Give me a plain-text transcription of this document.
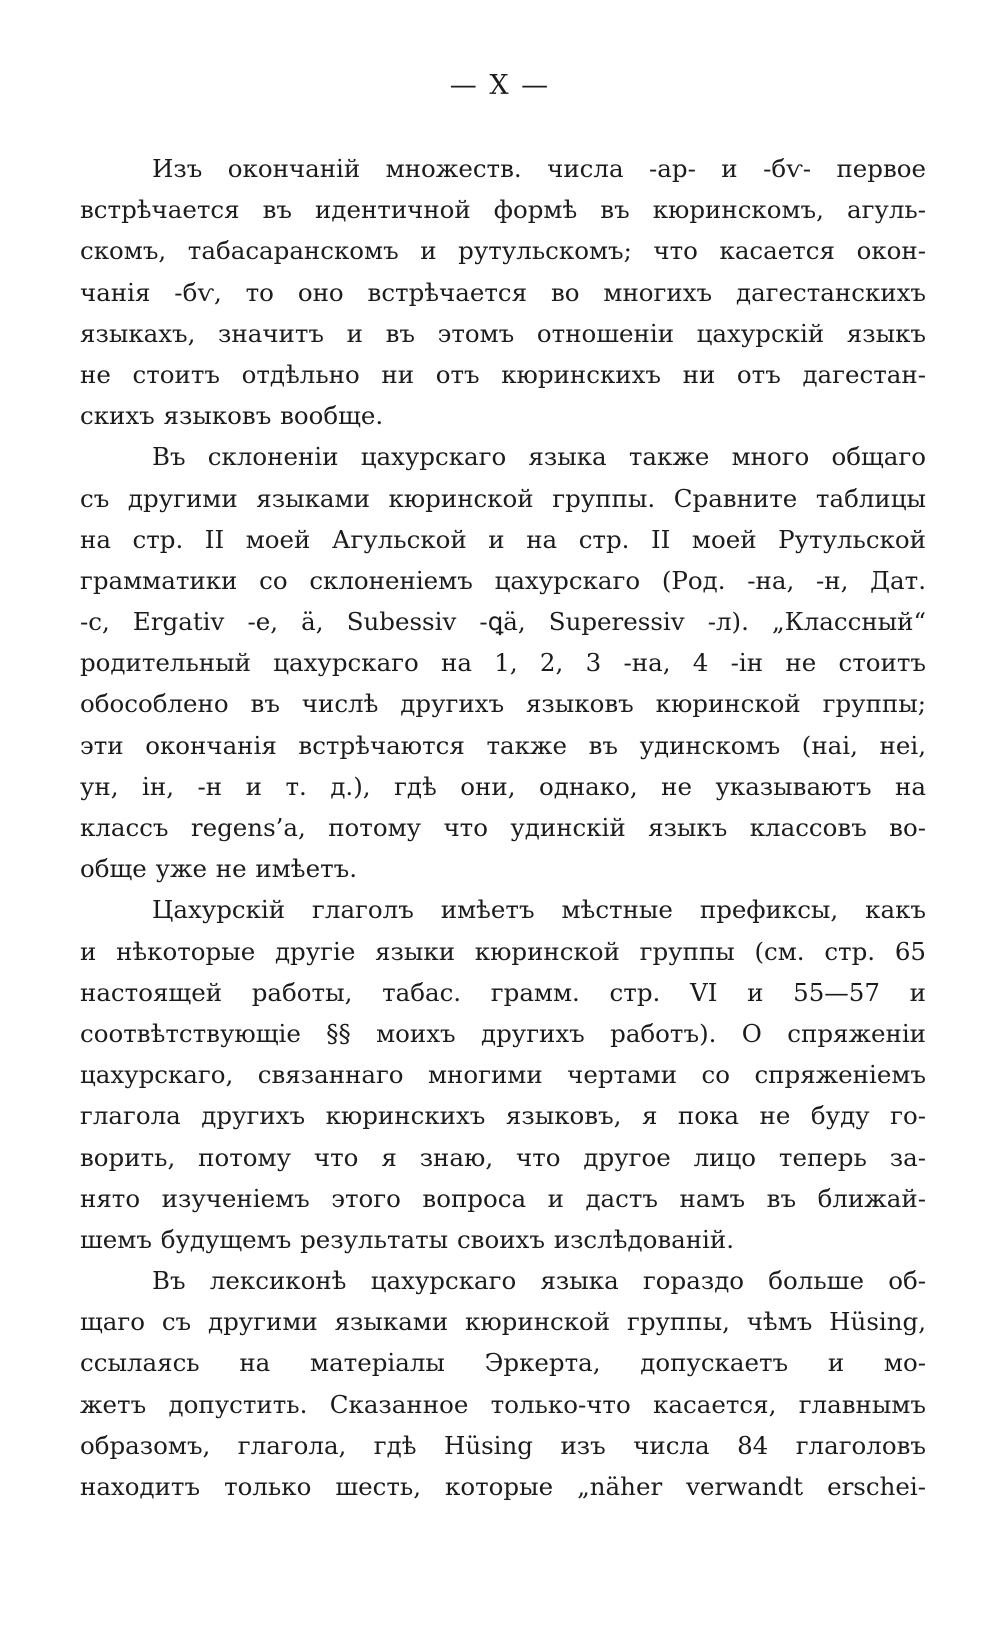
— X —
Изъ окончаній множеств. числа -ар- и -бѵ- первое
встрѣчается въ идентичной формѣ въ кюринскомъ, агуль-
скомъ, табасаранскомъ и рутульскомъ; что касается окон-
чанія -бѵ, то оно встрѣчается во многихъ дагестанскихъ
языкахъ, значитъ и въ этомъ отношеніи цахурскій языкъ
не стоитъ отдѣльно ни отъ кюринскихъ ни отъ дагестан-
скихъ языковъ вообще.
Въ склоненіи цахурскаго языка также много общаго
съ другими языками кюринской группы. Сравните таблицы
на стр. II моей Агульской и на стр. II моей Рутульской
грамматики со склоненіемъ цахурскаго (Род. -на, -н, Дат.
-с, Ergativ -е, ä, Subessiv -ꝗä, Superessiv -л). „Классный“
родительный цахурскаго на 1, 2, 3 -на, 4 -ін не стоитъ
обособлено въ числѣ другихъ языковъ кюринской группы;
эти окончанія встрѣчаются также въ удинскомъ (наі, неі,
ун, ін, -н и т. д.), гдѣ они, однако, не указываютъ на
классъ regens’а, потому что удинскій языкъ классовъ во-
обще уже не имѣетъ.
Цахурскій глаголъ имѣетъ мѣстные префиксы, какъ
и нѣкоторые другіе языки кюринской группы (см. стр. 65
настоящей работы, табас. грамм. стр. VI и 55—57 и
соотвѣтствующіе §§ моихъ другихъ работъ). О спряженіи
цахурскаго, связаннаго многими чертами со спряженіемъ
глагола другихъ кюринскихъ языковъ, я пока не буду го-
ворить, потому что я знаю, что другое лицо теперь за-
нято изученіемъ этого вопроса и дастъ намъ въ ближай-
шемъ будущемъ результаты своихъ изслѣдованій.
Въ лексиконѣ цахурскаго языка гораздо больше об-
щаго съ другими языками кюринской группы, чѣмъ Hüsing,
ссылаясь на матеріалы Эркерта, допускаетъ и мо-
жетъ допустить. Сказанное только-что касается, главнымъ
образомъ, глагола, гдѣ Hüsing изъ числа 84 глаголовъ
находитъ только шесть, которые „näher verwandt erschei-
